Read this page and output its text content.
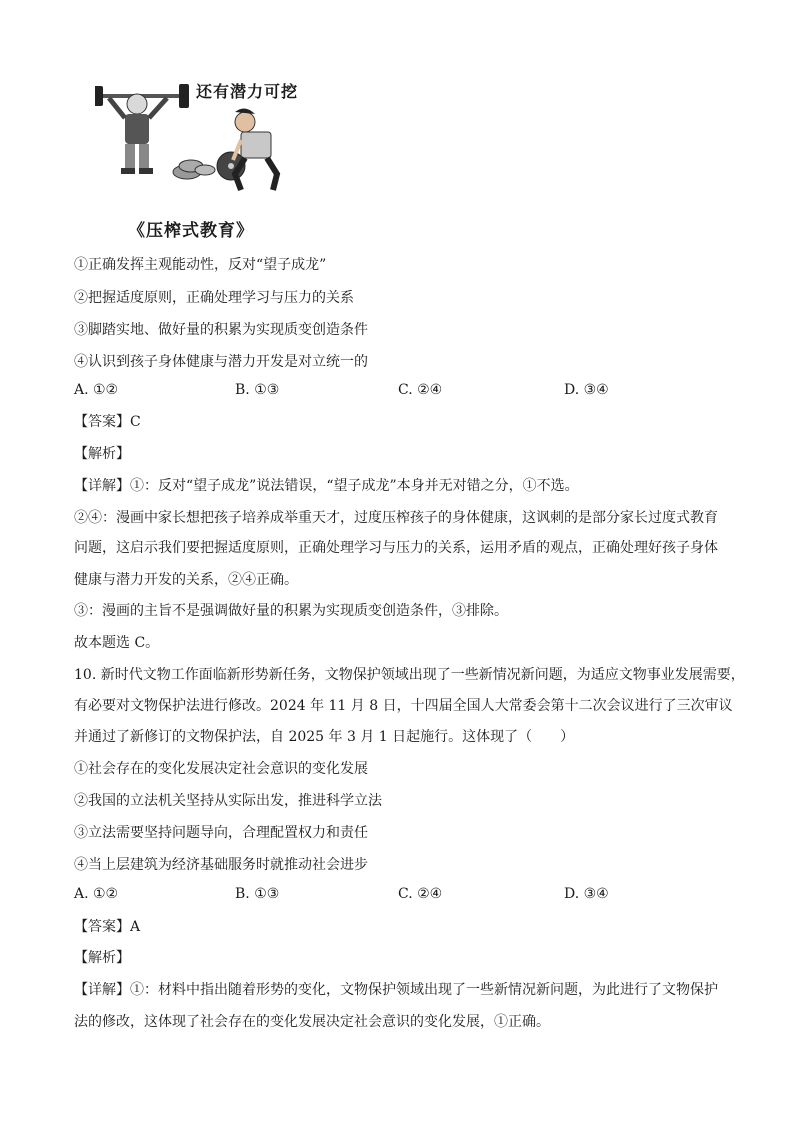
还有潜力可挖
《压榨式教育》
①正确发挥主观能动性，反对“望子成龙”
②把握适度原则，正确处理学习与压力的关系
③脚踏实地、做好量的积累为实现质变创造条件
④认识到孩子身体健康与潜力开发是对立统一的
A. ①②	B. ①③	C. ②④	D. ③④
【答案】C
【解析】
【详解】①：反对“望子成龙”说法错误，“望子成龙”本身并无对错之分，①不选。
②④：漫画中家长想把孩子培养成举重天才，过度压榨孩子的身体健康，这讽刺的是部分家长过度式教育
问题，这启示我们要把握适度原则，正确处理学习与压力的关系，运用矛盾的观点，正确处理好孩子身体
健康与潜力开发的关系，②④正确。
③：漫画的主旨不是强调做好量的积累为实现质变创造条件，③排除。
故本题选 C。
10. 新时代文物工作面临新形势新任务，文物保护领域出现了一些新情况新问题，为适应文物事业发展需要，
有必要对文物保护法进行修改。2024 年 11 月 8 日，十四届全国人大常委会第十二次会议进行了三次审议
并通过了新修订的文物保护法，自 2025 年 3 月 1 日起施行。这体现了（　　）
①社会存在的变化发展决定社会意识的变化发展
②我国的立法机关坚持从实际出发，推进科学立法
③立法需要坚持问题导向，合理配置权力和责任
④当上层建筑为经济基础服务时就推动社会进步
A. ①②	B. ①③	C. ②④	D. ③④
【答案】A
【解析】
【详解】①：材料中指出随着形势的变化，文物保护领域出现了一些新情况新问题，为此进行了文物保护
法的修改，这体现了社会存在的变化发展决定社会意识的变化发展，①正确。
